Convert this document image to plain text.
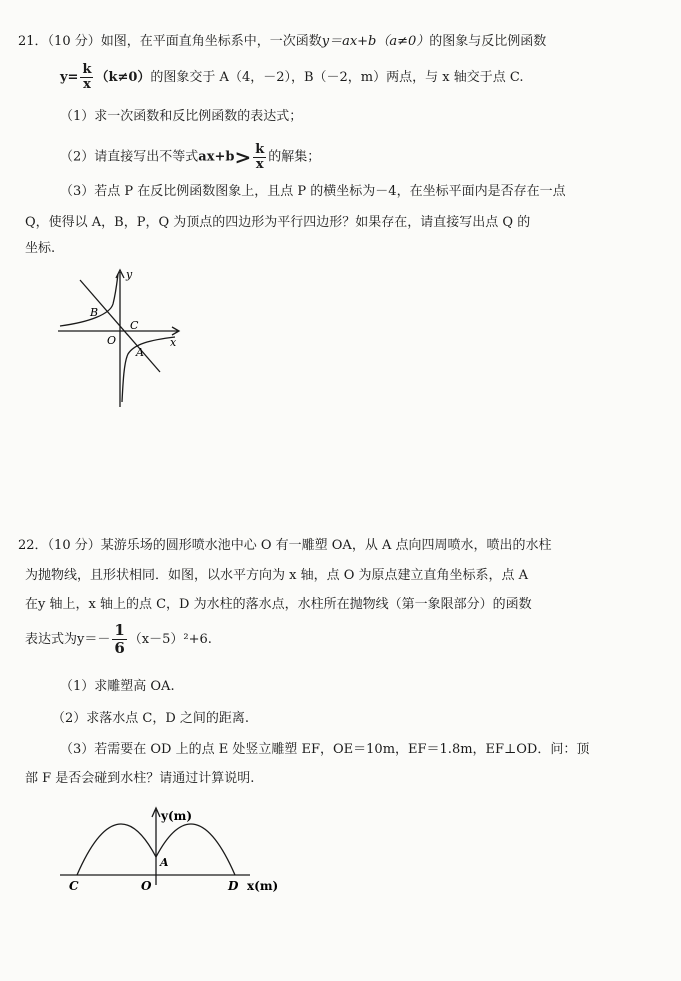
21．（10 分）如图，在平面直角坐标系中，一次函数y＝ax+b（a≠0）的图象与反比例函数
$y= \frac{k}{x} (k\ne 0)$的图象交于 A（4，－2），B（－2，m）两点，与 x 轴交于点 C.
（1）求一次函数和反比例函数的表达式；
（2）请直接写出不等式$ax+b> \frac{k}{x}$ 的解集；
（3）若点 P 在反比例函数图象上，且点 P 的横坐标为－4，在坐标平面内是否存在一点
Q，使得以 A，B，P，Q 为顶点的四边形为平行四边形？如果存在，请直接写出点 Q 的
坐标.
y
x
B
C
O
A
22．（10 分）某游乐场的圆形喷水池中心 O 有一雕塑 OA，从 A 点向四周喷水，喷出的水柱
为抛物线，且形状相同．如图，以水平方向为 x 轴，点 O 为原点建立直角坐标系，点 A
在y 轴上，x 轴上的点 C，D 为水柱的落水点，水柱所在抛物线（第一象限部分）的函数
表达式为$y=- \frac{1}{6} (x-5)^2+6$.
（1）求雕塑高 OA.
（2）求落水点 C，D 之间的距离.
（3）若需要在 OD 上的点 E 处竖立雕塑 EF，OE＝10m，EF＝1.8m，EF⊥OD．问：顶
部 F 是否会碰到水柱？请通过计算说明.
y(m)
x(m)
C	O
A
D
